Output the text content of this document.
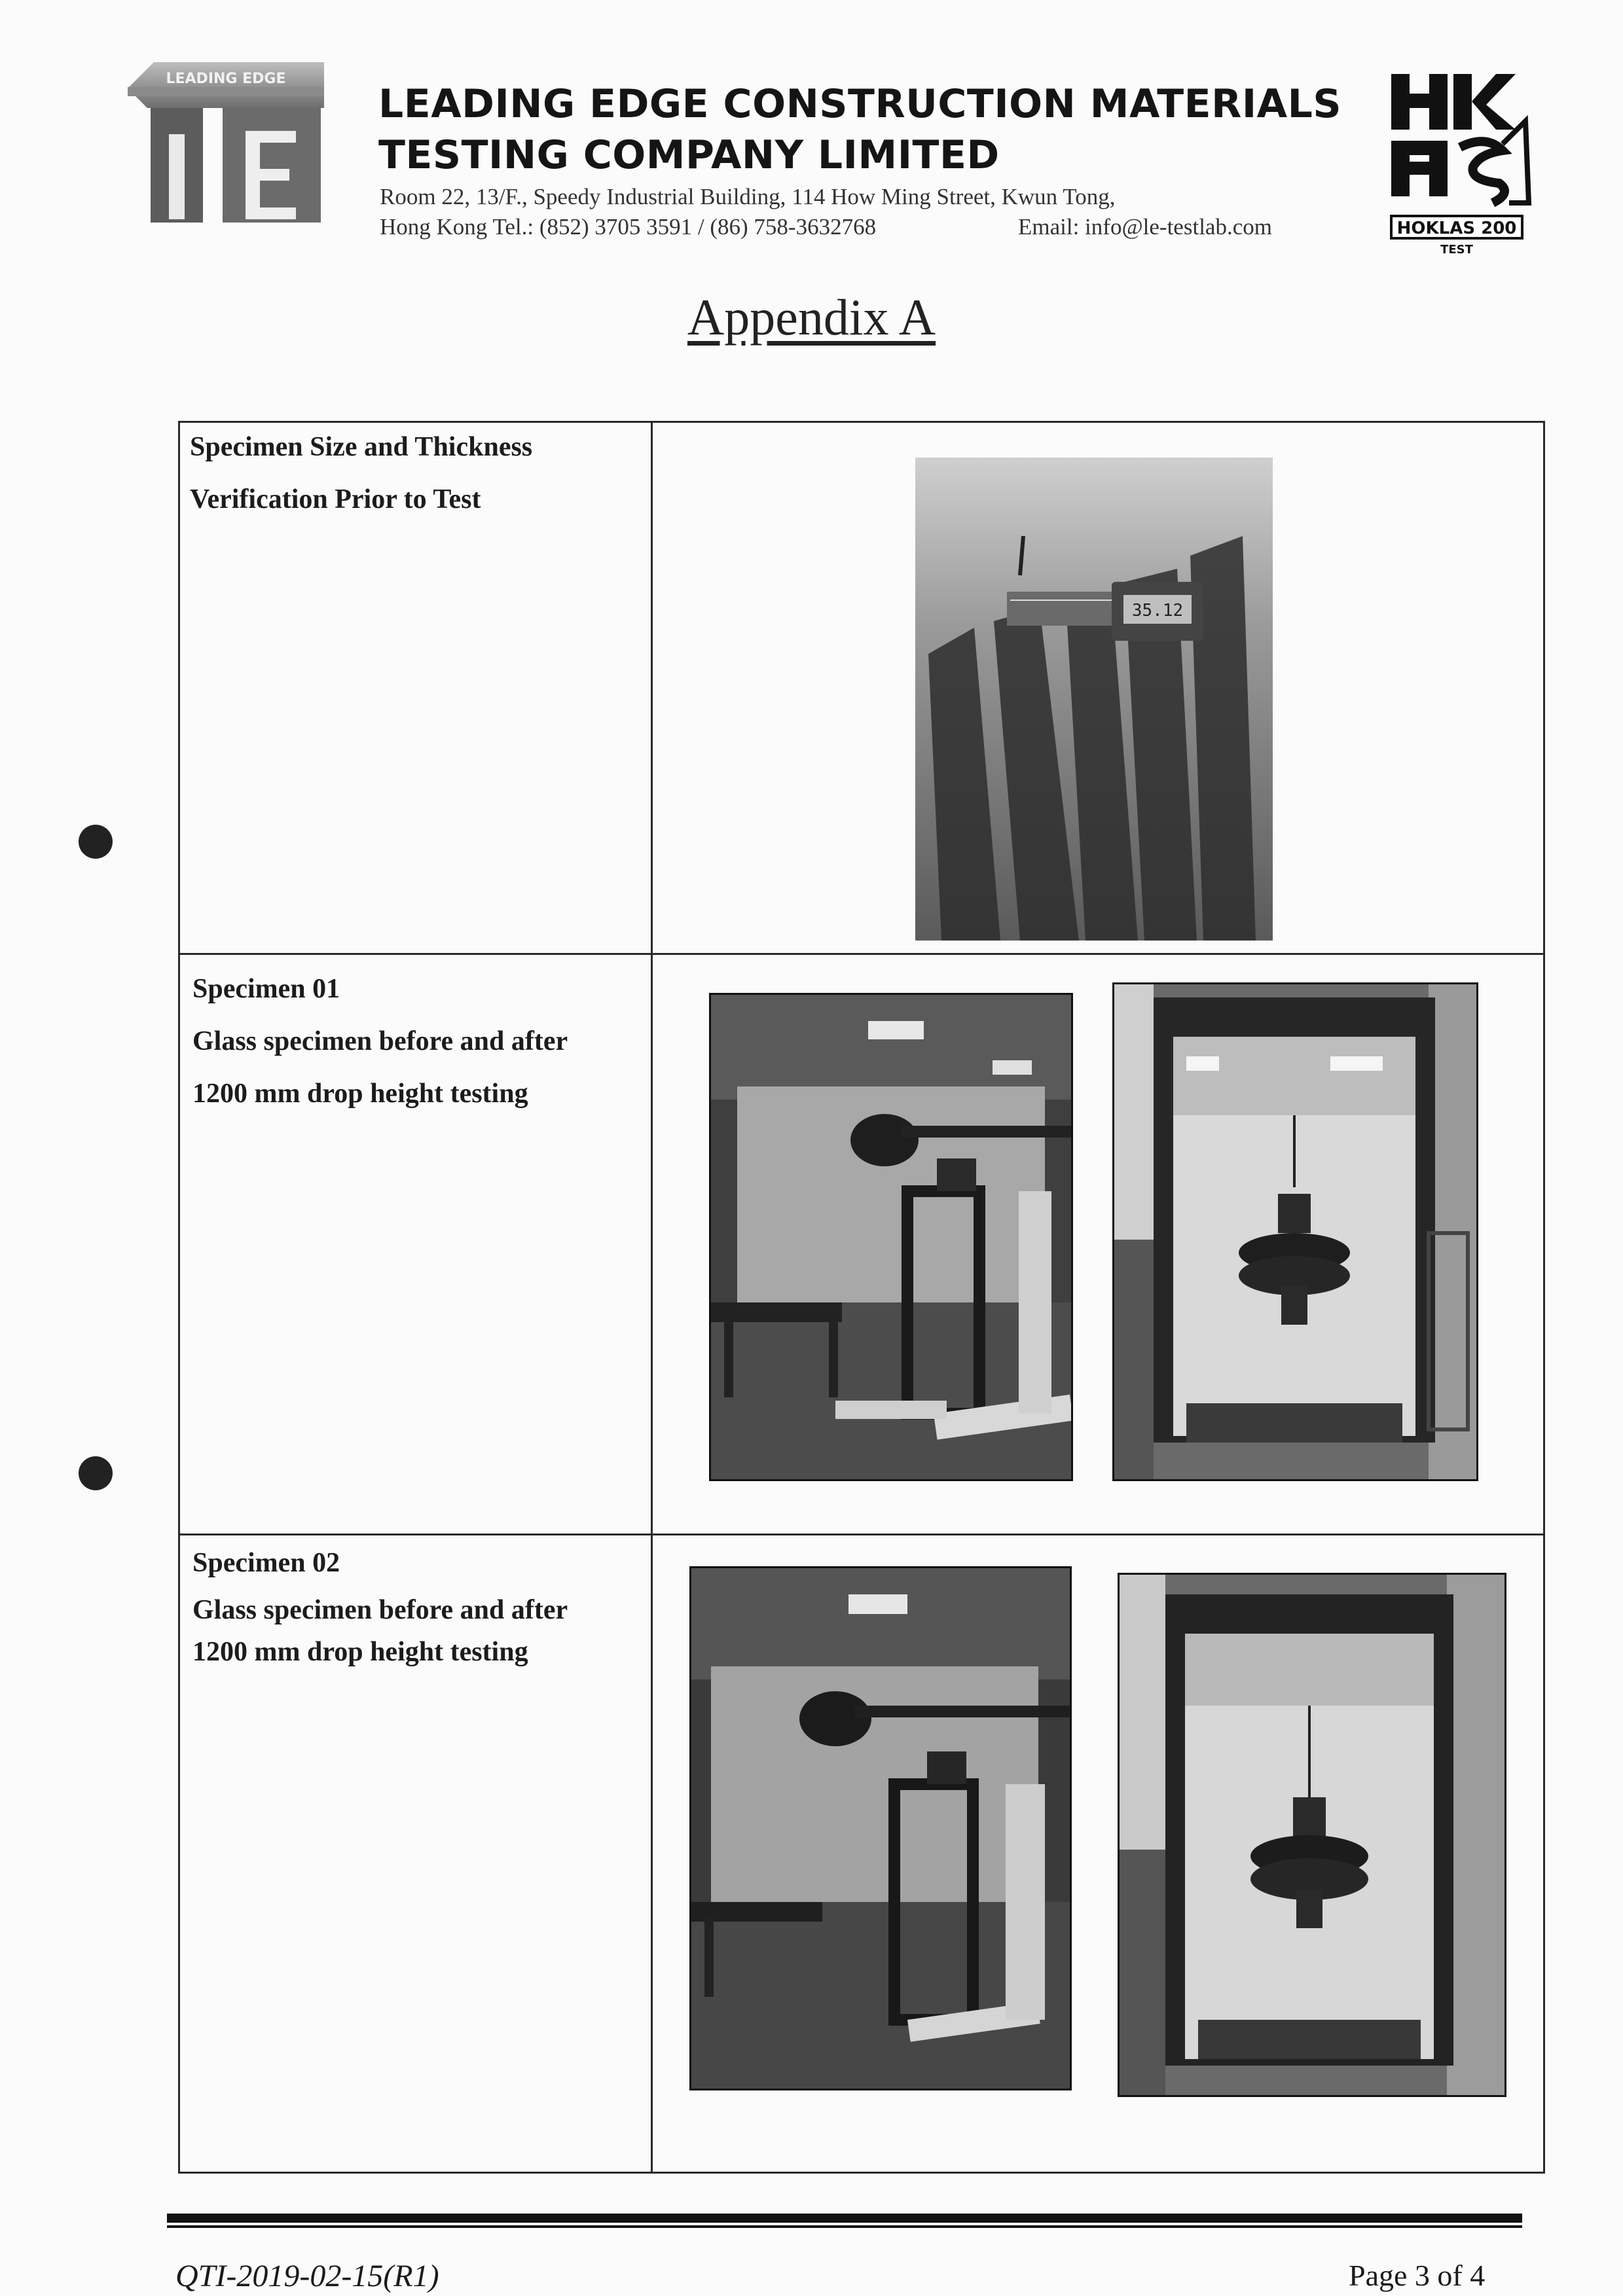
LEADING EDGE
LEADING EDGE CONSTRUCTION MATERIALS
TESTING COMPANY LIMITED
Room 22, 13/F., Speedy Industrial Building, 114 How Ming Street, Kwun Tong,
Hong Kong Tel.: (852) 3705 3591 / (86) 758-3632768	Email: info@le-testlab.com	HOKLAS 200
TEST
Appendix A
Specimen Size and Thickness
Verification Prior to Test
Specimen 01
Glass specimen before and after
1200 mm drop height testing
Specimen 02
Glass specimen before and after
1200 mm drop height testing
35.12
QTI-2019-02-15(R1)	Page 3 of 4
